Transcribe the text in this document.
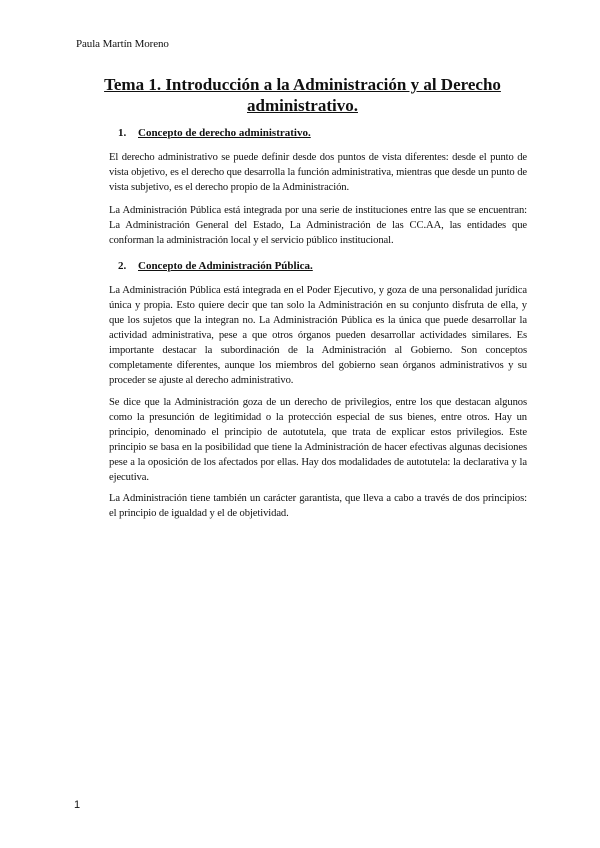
Paula Martín Moreno
Tema 1. Introducción a la Administración y al Derecho administrativo.
1. Concepto de derecho administrativo.
El derecho administrativo se puede definir desde dos puntos de vista diferentes: desde el punto de vista objetivo, es el derecho que desarrolla la función administrativa, mientras que desde un punto de vista subjetivo, es el derecho propio de la Administración.
La Administración Pública está integrada por una serie de instituciones entre las que se encuentran: La Administración General del Estado, La Administración de las CC.AA, las entidades que conforman la administración local y el servicio público institucional.
2. Concepto de Administración Pública.
La Administración Pública está integrada en el Poder Ejecutivo, y goza de una personalidad jurídica única y propia. Esto quiere decir que tan solo la Administración en su conjunto disfruta de ella, y que los sujetos que la integran no. La Administración Pública es la única que puede desarrollar la actividad administrativa, pese a que otros órganos pueden desarrollar actividades similares. Es importante destacar la subordinación de la Administración al Gobierno. Son conceptos completamente diferentes, aunque los miembros del gobierno sean órganos administrativos y su proceder se ajuste al derecho administrativo.
Se dice que la Administración goza de un derecho de privilegios, entre los que destacan algunos como la presunción de legitimidad o la protección especial de sus bienes, entre otros. Hay un principio, denominado el principio de autotutela, que trata de explicar estos privilegios. Este principio se basa en la posibilidad que tiene la Administración de hacer efectivas algunas decisiones pese a la oposición de los afectados por ellas. Hay dos modalidades de autotutela: la declarativa y la ejecutiva.
La Administración tiene también un carácter garantista, que lleva a cabo a través de dos principios: el principio de igualdad y el de objetividad.
1
